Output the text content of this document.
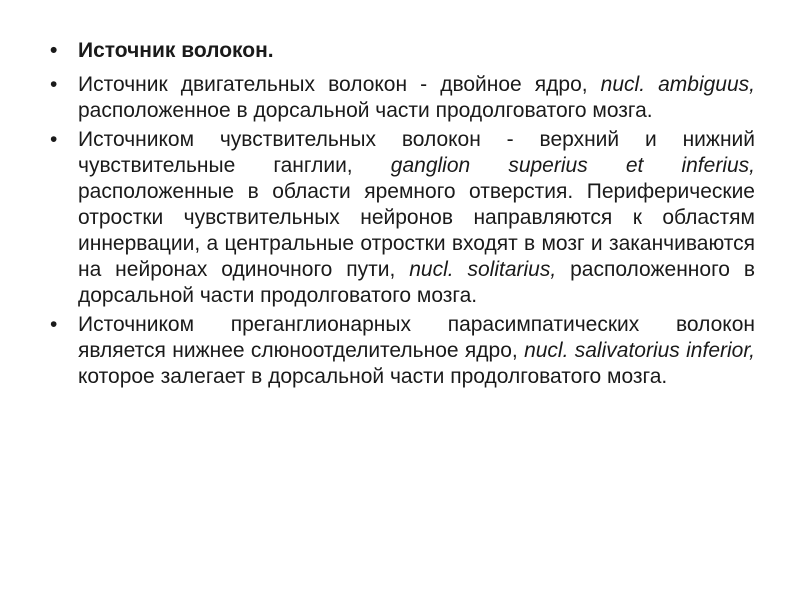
• Источник волокон.
• Источник двигательных волокон - двойное ядро, nucl. ambiguus, расположенное в дорсальной части продолговатого мозга.
• Источником чувствительных волокон - верхний и нижний чувствительные ганглии, ganglion superius et inferius, расположенные в области яремного отверстия. Периферические отростки чувствительных нейронов направляются к областям иннервации, а центральные отростки входят в мозг и заканчиваются на нейронах одиночного пути, nucl. solitarius, расположенного в дорсальной части продолговатого мозга.
• Источником преганглионарных парасимпатических волокон является нижнее слюноотделительное ядро, nucl. salivatorius inferior, которое залегает в дорсальной части продолговатого мозга.
